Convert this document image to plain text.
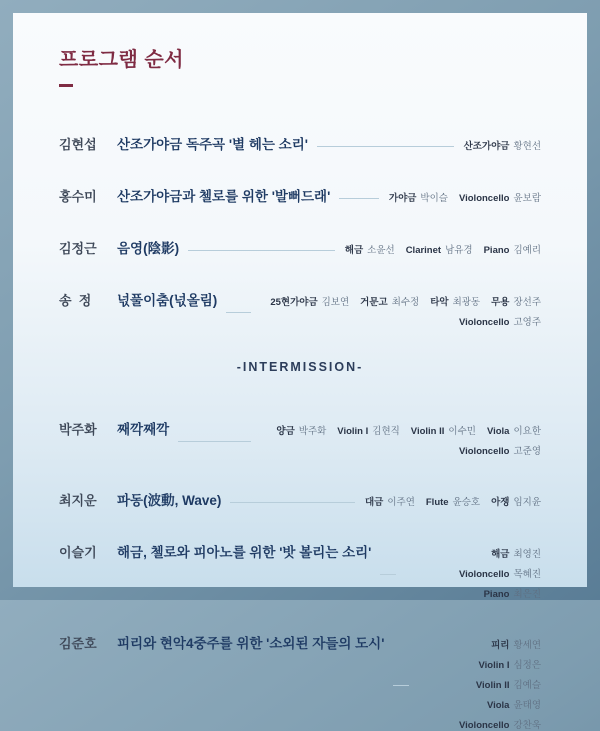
프로그램 순서
김현섭	산조가야금 독주곡 '별 헤는 소리'	산조가야금 황현선
홍수미	산조가야금과 첼로를 위한 '발뻐드래'	가야금 박이슬 Violoncello 윤보람
김정근	음영(陰影)	해금 소윤선 Clarinet 남유경 Piano 김예리
송  정	넋풀이춤(넋올림)	25현가야금 김보연 거문고 최수정 타악 최광동 무용 장선주
Violoncello 고영주
-INTERMISSION-
박주화	째깍째깍	양금 박주화 Violin I 김현직 Violin II 이수민 Viola 이요한
Violoncello 고준영
최지운	파동(波動, Wave)	대금 이주연 Flute 윤승호 아쟁 임지윤
이슬기	해금, 첼로와 피아노를 위한 '밧 볼리는 소리'	해금 최영진
Violoncello 목혜진
Piano 최은진
김준호	피리와 현악4중주를 위한 '소외된 자들의 도시'	피리 황세연
Violin I 심정은
Violin II 김예슬
Viola 윤태영
Violoncello 강찬욱
